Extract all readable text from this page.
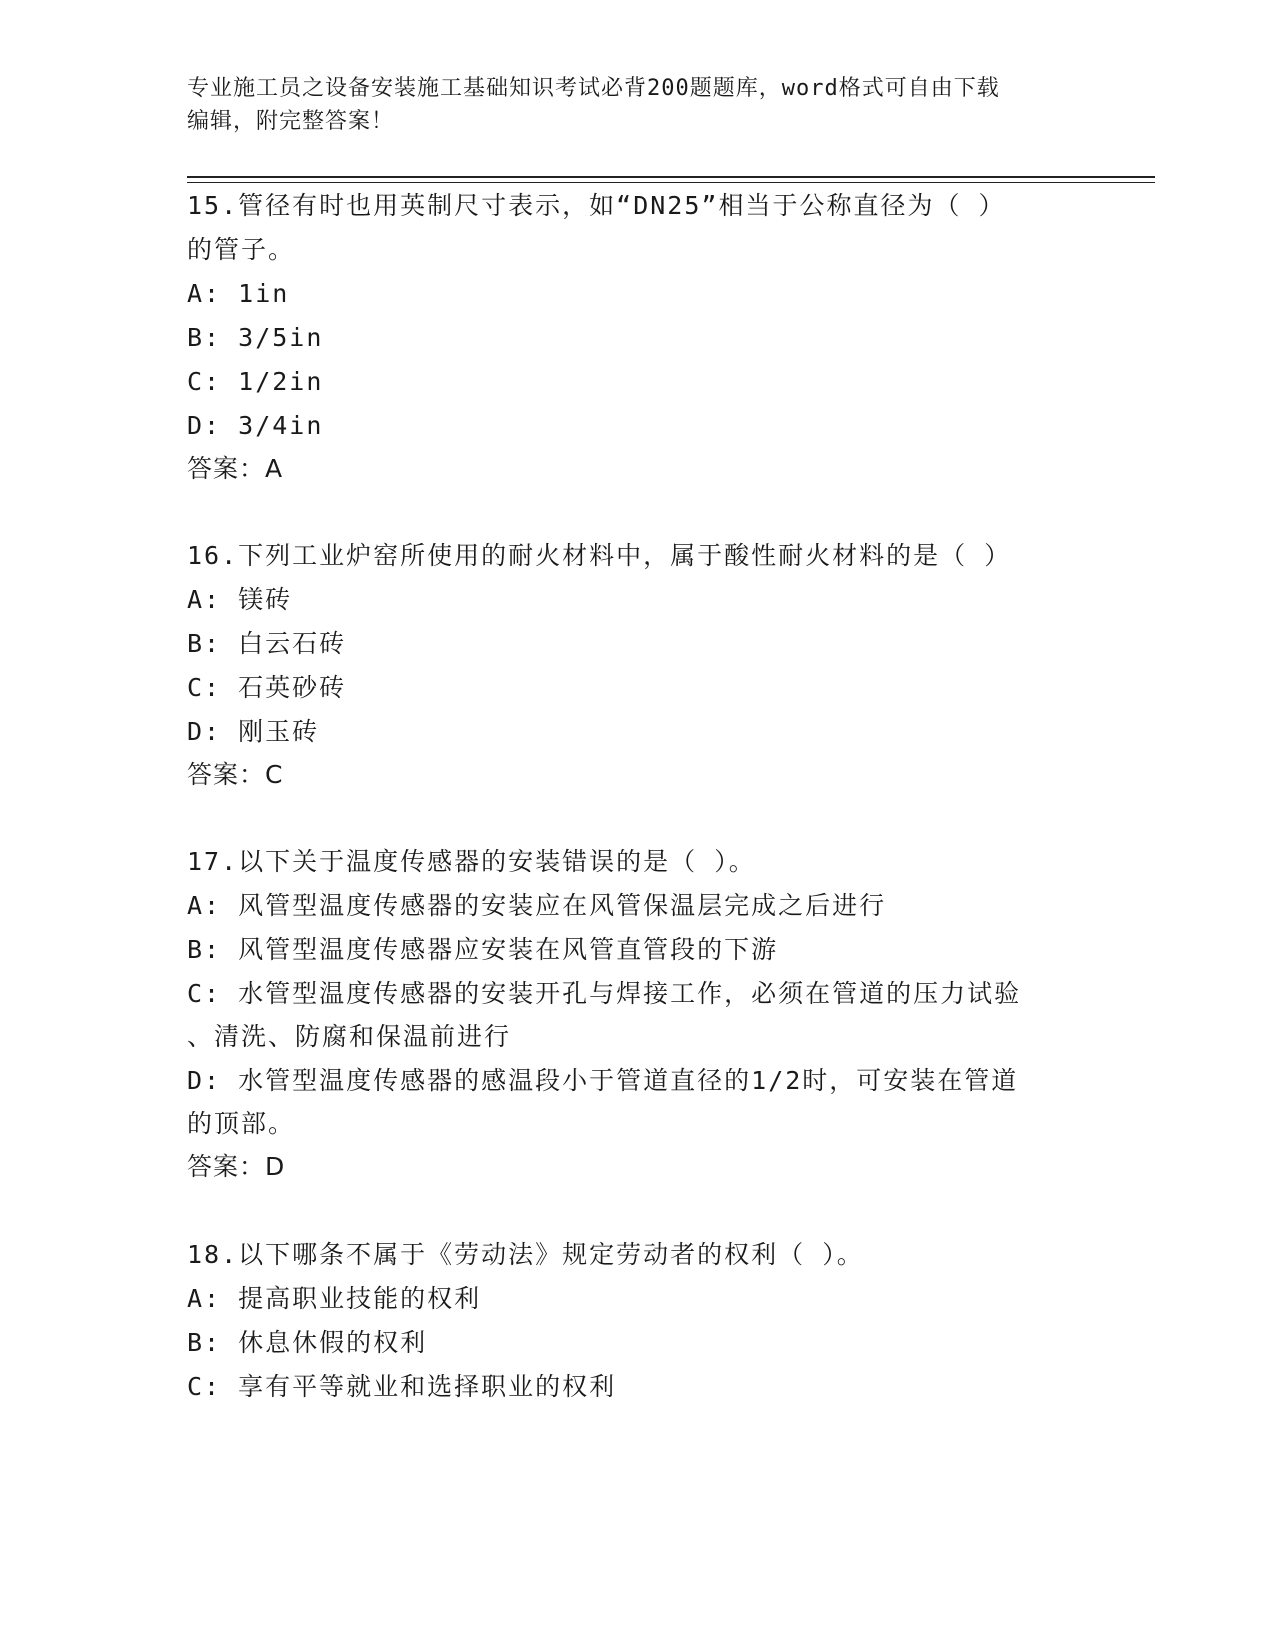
专业施工员之设备安装施工基础知识考试必背200题题库，word格式可自由下载
编辑，附完整答案！
15.管径有时也用英制尺寸表示，如“DN25”相当于公称直径为（ ）
的管子。
A: 1in
B: 3/5in
C: 1/2in
D: 3/4in
答案：A
16.下列工业炉窑所使用的耐火材料中，属于酸性耐火材料的是（ ）
A: 镁砖
B: 白云石砖
C: 石英砂砖
D: 刚玉砖
答案：C
17.以下关于温度传感器的安装错误的是（ ）。
A: 风管型温度传感器的安装应在风管保温层完成之后进行
B: 风管型温度传感器应安装在风管直管段的下游
C: 水管型温度传感器的安装开孔与焊接工作，必须在管道的压力试验
、清洗、防腐和保温前进行
D: 水管型温度传感器的感温段小于管道直径的1/2时，可安装在管道
的顶部。
答案：D
18.以下哪条不属于《劳动法》规定劳动者的权利（ ）。
A: 提高职业技能的权利
B: 休息休假的权利
C: 享有平等就业和选择职业的权利
